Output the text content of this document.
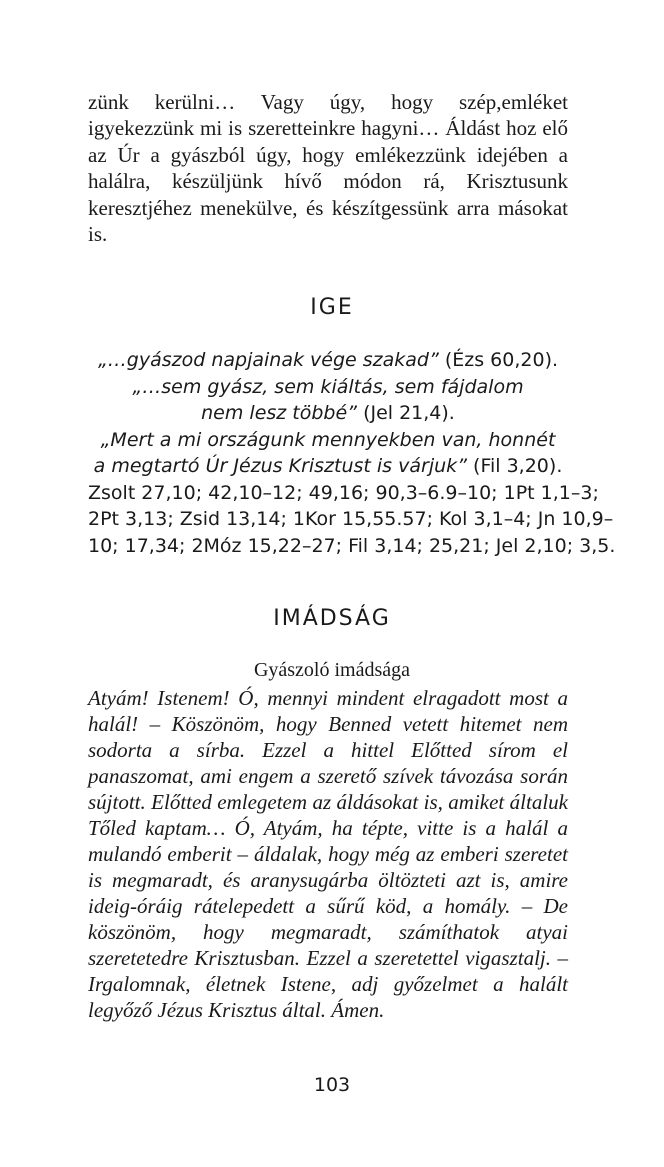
zünk kerülni… Vagy úgy, hogy szép,emléket igyekezzünk mi is szeretteinkre hagyni… Áldást hoz elő az Úr a gyászból úgy, hogy emlékezzünk idejében a halálra, készüljünk hívő módon rá, Krisztusunk keresztjéhez menekülve, és készítgessünk arra másokat is.

IGE
„…gyászod napjainak vége szakad” (Ézs 60,20).
„…sem gyász, sem kiáltás, sem fájdalom
nem lesz többé” (Jel 21,4).
„Mert a mi országunk mennyekben van, honnét
a megtartó Úr Jézus Krisztust is várjuk” (Fil 3,20).
Zsolt 27,10; 42,10–12; 49,16; 90,3–6.9–10; 1Pt 1,1–3;
2Pt 3,13; Zsid 13,14; 1Kor 15,55.57; Kol 3,1–4; Jn 10,9–
10; 17,34; 2Móz 15,22–27; Fil 3,14; 25,21; Jel 2,10; 3,5.
IMÁDSÁG
Gyászoló imádsága

Atyám! Istenem! Ó, mennyi mindent elragadott most a halál! – Köszönöm, hogy Benned vetett hitemet nem sodorta a sírba. Ezzel a hittel Előtted sírom el panaszomat, ami engem a szerető szívek távozása során sújtott. Előtted emlegetem az áldásokat is, amiket általuk Tőled kaptam… Ó, Atyám, ha tépte, vitte is a halál a mulandó emberit – áldalak, hogy még az emberi szeretet is megmaradt, és aranysugárba öltözteti azt is, amire ideig-óráig rátelepedett a sűrű köd, a homály. – De köszönöm, hogy megmaradt, számíthatok atyai szeretetedre Krisztusban. Ezzel a szeretettel vigasztalj. – Irgalomnak, életnek Istene, adj győzelmet a halált legyőző Jézus Krisztus által. Ámen.

103
